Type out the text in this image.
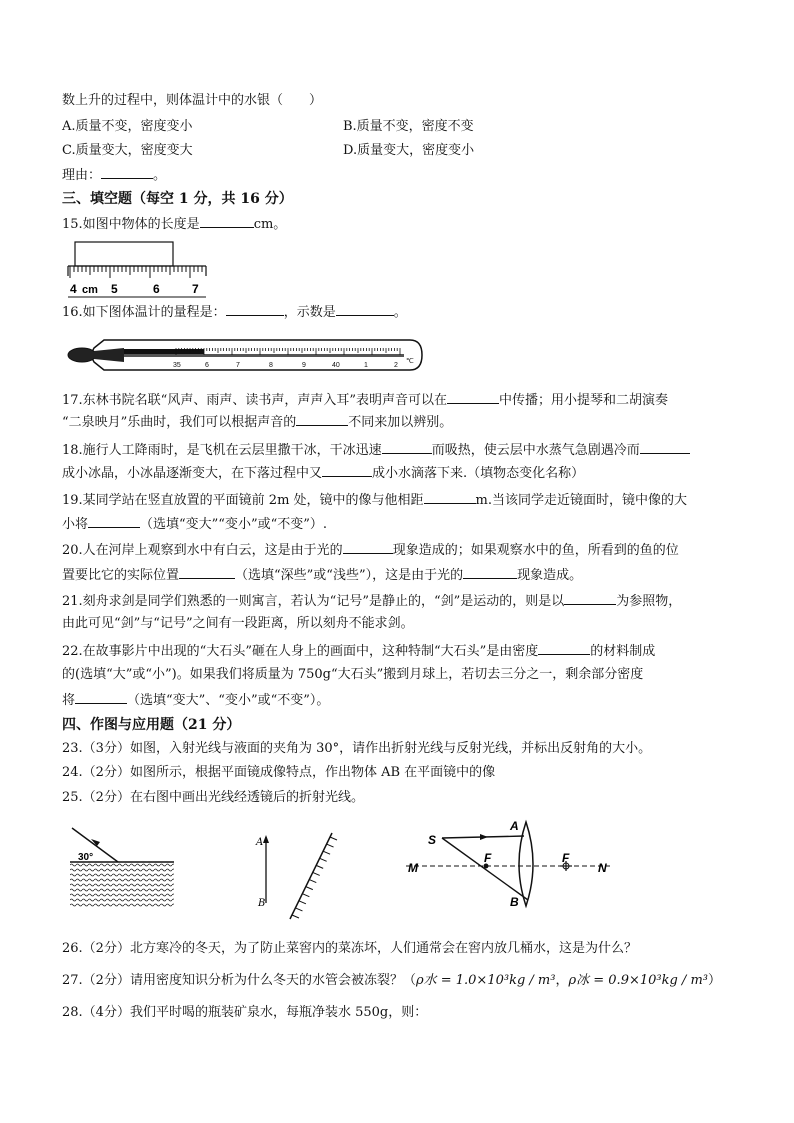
数上升的过程中，则体温计中的水银（　　）
A.质量不变，密度变小	B.质量不变，密度不变
C.质量变大，密度变大	D.质量变大，密度变小
理由：	。
三、填空题（每空 1 分，共 16 分）
15.如图中物体的长度是	cm。
4 cm 5	6	7
16.如下图体温计的量程是：	，示数是	。
35	6	7	8	9	40	1	2
℃
17.东林书院名联“风声、雨声、读书声，声声入耳”表明声音可以在	中传播；用小提琴和二胡演奏
“二泉映月”乐曲时，我们可以根据声音的	不同来加以辨别。
18.施行人工降雨时，是飞机在云层里撒干冰，干冰迅速	而吸热，使云层中水蒸气急剧遇冷而
成小冰晶，小冰晶逐渐变大，在下落过程中又	成小水滴落下来.（填物态变化名称）
19.某同学站在竖直放置的平面镜前 2m 处，镜中的像与他相距	m.当该同学走近镜面时，镜中像的大
小将	（选填“变大”“变小”或“不变”）.
20.人在河岸上观察到水中有白云，这是由于光的	现象造成的；如果观察水中的鱼，所看到的鱼的位
置要比它的实际位置	（选填“深些”或“浅些”），这是由于光的	现象造成。
21.刻舟求剑是同学们熟悉的一则寓言，若认为“记号”是静止的，“剑”是运动的，则是以	为参照物，
由此可见“剑”与“记号”之间有一段距离，所以刻舟不能求剑。
22.在故事影片中出现的“大石头”砸在人身上的画面中，这种特制“大石头”是由密度	的材料制成
的(选填“大”或“小”)。如果我们将质量为 750g“大石头”搬到月球上，若切去三分之一，剩余部分密度
将	（选填“变大”、“变小”或“不变”）。
四、作图与应用题（21 分）
23.（3分）如图，入射光线与液面的夹角为 30°，请作出折射光线与反射光线，并标出反射角的大小。
24.（2分）如图所示，根据平面镜成像特点，作出物体 AB 在平面镜中的像
25.（2分）在右图中画出光线经透镜后的折射光线。
30°
A
B
S
A
B
F	F
M	N
26.（2分）北方寒冷的冬天，为了防止菜窖内的菜冻坏，人们通常会在窖内放几桶水，这是为什么？
27.（2分）请用密度知识分析为什么冬天的水管会被冻裂？（ρ水 = 1.0×10³kg / m³，ρ冰 = 0.9×10³kg / m³）
28.（4分）我们平时喝的瓶装矿泉水，每瓶净装水 550g，则：
